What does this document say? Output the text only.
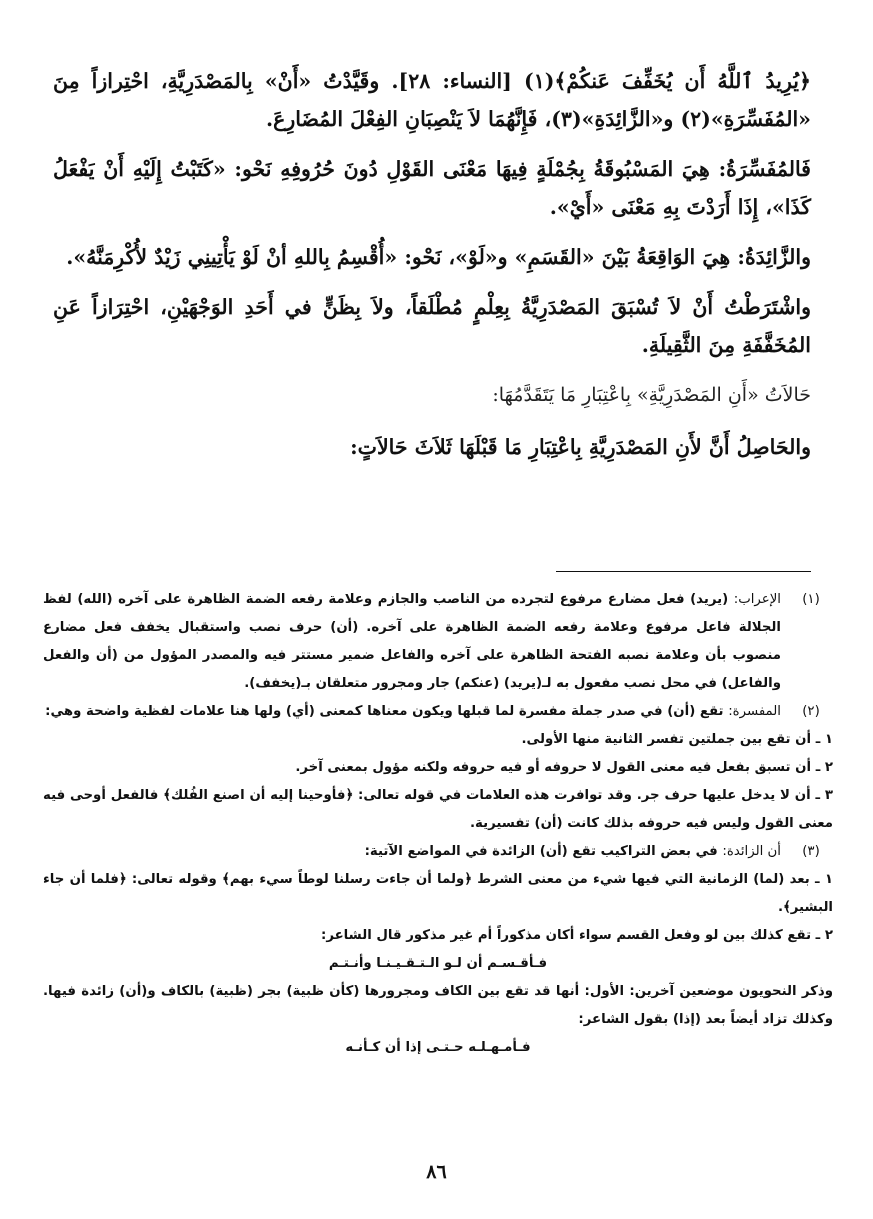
﴿يُرِيدُ ٱللَّهُ أَن يُخَفِّفَ عَنكُمْ﴾(١) [النساء: ٢٨]. وقَيَّدْتُ «أَنْ» بِالمَصْدَرِيَّةِ، احْتِرازاً مِنَ «المُفَسِّرَةِ»(٢) و«الزَّائِدَةِ»(٣)، فَإِنَّهُمَا لاَ يَنْصِبَانِ الفِعْلَ المُضَارِعَ.

فَالمُفَسِّرَةُ: هِيَ المَسْبُوقَةُ بِجُمْلَةٍ فِيهَا مَعْنَى القَوْلِ دُونَ حُرُوفِهِ نَحْو: «كَتَبْتُ إِلَيْهِ أَنْ يَفْعَلُ كَذَا»، إِذَا أَرَدْتَ بِهِ مَعْنَى «أَيْ».

والزَّائِدَةُ: هِيَ الوَاقِعَةُ بَيْنَ «القَسَمِ» و«لَوْ»، نَحْو: «أُقْسِمُ بِاللهِ أنْ لَوْ يَأْتِينِي زَيْدٌ لأُكْرِمَنَّهُ».

واشْتَرَطْتُ أَنْ لاَ تُسْبَقَ المَصْدَرِيَّةُ بِعِلْمٍ مُطْلَقاً، ولاَ بِظَنٍّ في أَحَدِ الوَجْهَيْنِ، احْتِرَازاً عَنِ المُخَفَّفَةِ مِنَ الثَّقِيلَةِ.

حَالاَتُ «أَنِ المَصْدَرِيَّةِ» بِاعْتِبَارِ مَا يَتَقَدَّمُهَا:

والحَاصِلُ أَنَّ لأَنِ المَصْدَرِيَّةِ بِاعْتِبَارِ مَا قَبْلَهَا ثَلاَثَ حَالاَتٍ:

(١)
الإعراب: (يريد) فعل مضارع مرفوع لتجرده من الناصب والجازم وعلامة رفعه الضمة الظاهرة على آخره (الله) لفظ الجلالة فاعل مرفوع وعلامة رفعه الضمة الظاهرة على آخره. (أن) حرف نصب واستقبال يخفف فعل مضارع منصوب بأن وعلامة نصبه الفتحة الظاهرة على آخره والفاعل ضمير مستتر فيه والمصدر المؤول من (أن والفعل والفاعل) في محل نصب مفعول به لـ(يريد) (عنكم) جار ومجرور متعلقان بـ(يخفف).
(٢)
المفسرة: تقع (أن) في صدر جملة مفسرة لما قبلها ويكون معناها كمعنى (أي) ولها هنا علامات لفظية واضحة وهي:
١ ـ أن تقع بين جملتين تفسر الثانية منها الأولى.
٢ ـ أن تسبق بفعل فيه معنى القول لا حروفه أو فيه حروفه ولكنه مؤول بمعنى آخر.
٣ ـ أن لا يدخل عليها حرف جر. وقد توافرت هذه العلامات في قوله تعالى: ﴿فأوحينا إليه أن اصنع الفُلك﴾ فالفعل أوحى فيه معنى القول وليس فيه حروفه بذلك كانت (أن) تفسيرية.
(٣)
أن الزائدة: في بعض التراكيب تقع (أن) الزائدة في المواضع الآتية:
١ ـ بعد (لما) الزمانية التي فيها شيء من معنى الشرط ﴿ولما أن جاءت رسلنا لوطاً سيء بهم﴾ وقوله تعالى: ﴿فلما أن جاء البشير﴾.
٢ ـ تقع كذلك بين لو وفعل القسم سواء أكان مذكوراً أم غير مذكور قال الشاعر:
فـأقـسـم أن لـو الـتـقـيـنـا وأنـتـم
وذكر النحويون موضعين آخرين: الأول: أنها قد تقع بين الكاف ومجرورها (كأن ظبية) بجر (ظبية) بالكاف و(أن) زائدة فيها. وكذلك تزاد أيضاً بعد (إذا) بقول الشاعر:
فـأمـهـلـه حـتـى إذا أن كـأنـه
٨٦
